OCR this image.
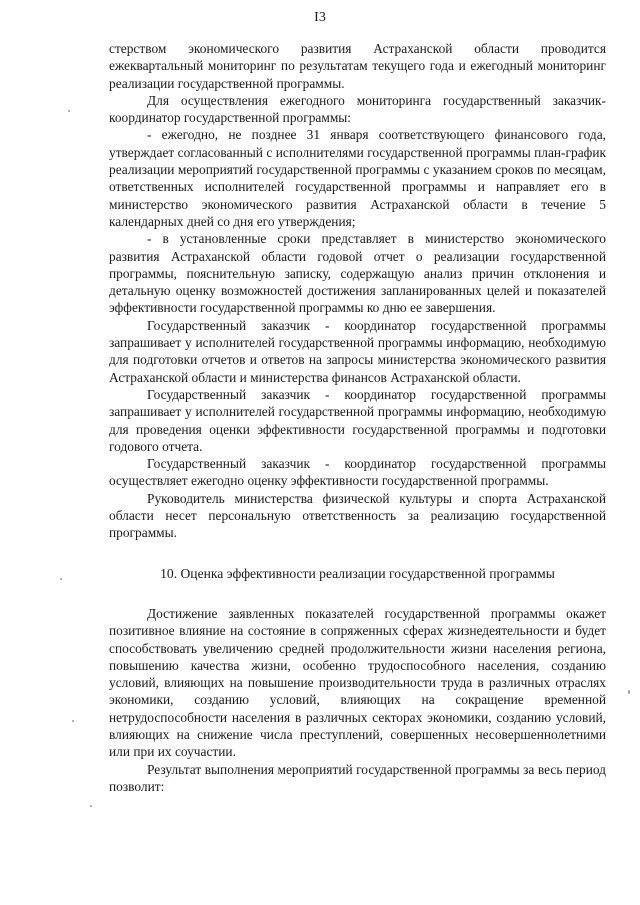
I3

стерством экономического развития Астраханской области проводится ежеквартальный мониторинг по результатам текущего года и ежегодный мониторинг реализации государственной программы.

Для осуществления ежегодного мониторинга государственный заказчик-координатор государственной программы:

- ежегодно, не позднее 31 января соответствующего финансового года, утверждает согласованный с исполнителями государственной программы план-график реализации мероприятий государственной программы с указанием сроков по месяцам, ответственных исполнителей государственной программы и направляет его в министерство экономического развития Астраханской области в течение 5 календарных дней со дня его утверждения;

- в установленные сроки представляет в министерство экономического развития Астраханской области годовой отчет о реализации государственной программы, пояснительную записку, содержащую анализ причин отклонения и детальную оценку возможностей достижения запланированных целей и показателей эффективности государственной программы ко дню ее завершения.

Государственный заказчик - координатор государственной программы запрашивает у исполнителей государственной программы информацию, необходимую для подготовки отчетов и ответов на запросы министерства экономического развития Астраханской области и министерства финансов Астраханской области.

Государственный заказчик - координатор государственной программы запрашивает у исполнителей государственной программы информацию, необходимую для проведения оценки эффективности государственной программы и подготовки годового отчета.

Государственный заказчик - координатор государственной программы осуществляет ежегодно оценку эффективности государственной программы.

Руководитель министерства физической культуры и спорта Астраханской области несет персональную ответственность за реализацию государственной программы.

10. Оценка эффективности реализации государственной программы

Достижение заявленных показателей государственной программы окажет позитивное влияние на состояние в сопряженных сферах жизнедеятельности и будет способствовать увеличению средней продолжительности жизни населения региона, повышению качества жизни, особенно трудоспособного населения, созданию условий, влияющих на повышение производительности труда в различных отраслях экономики, созданию условий, влияющих на сокращение временной нетрудоспособности населения в различных секторах экономики, созданию условий, влияющих на снижение числа преступлений, совершенных несовершеннолетними или при их соучастии.

Результат выполнения мероприятий государственной программы за весь период позволит:
